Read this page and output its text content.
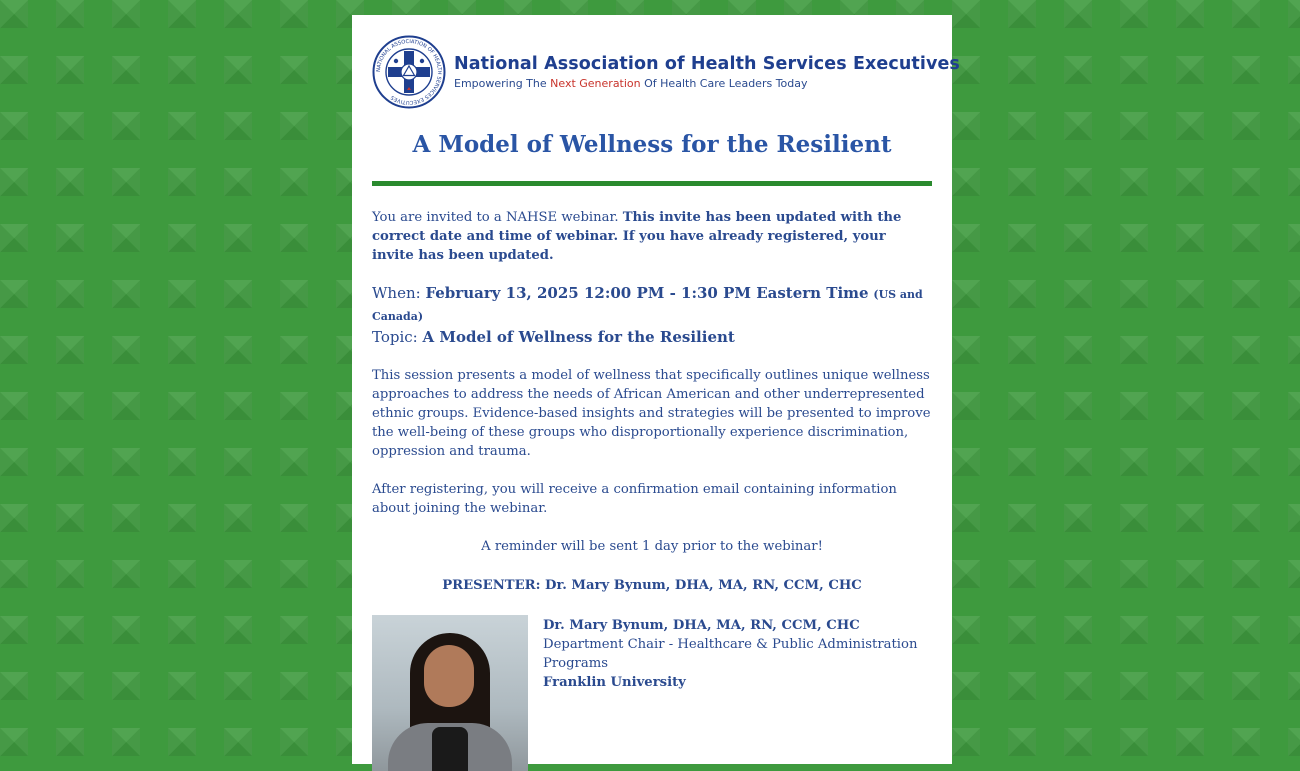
NATIONAL ASSOCIATION OF HEALTH SERVICES EXECUTIVES
National Association of Health Services Executives
Empowering The Next Generation Of Health Care Leaders Today
A Model of Wellness for the Resilient

You are invited to a NAHSE webinar. This invite has been updated with the correct date and time of webinar. If you have already registered, your invite has been updated.

When: February 13, 2025 12:00 PM - 1:30 PM Eastern Time (US and Canada)
Topic: A Model of Wellness for the Resilient

This session presents a model of wellness that specifically outlines unique wellness approaches to address the needs of African American and other underrepresented ethnic groups. Evidence-based insights and strategies will be presented to improve the well-being of these groups who disproportionally experience discrimination, oppression and trauma.

After registering, you will receive a confirmation email containing information about joining the webinar.

A reminder will be sent 1 day prior to the webinar!

PRESENTER: Dr. Mary Bynum, DHA, MA, RN, CCM, CHC

Dr. Mary Bynum, DHA, MA, RN, CCM, CHC

Department Chair - Healthcare & Public Administration Programs

Franklin University
